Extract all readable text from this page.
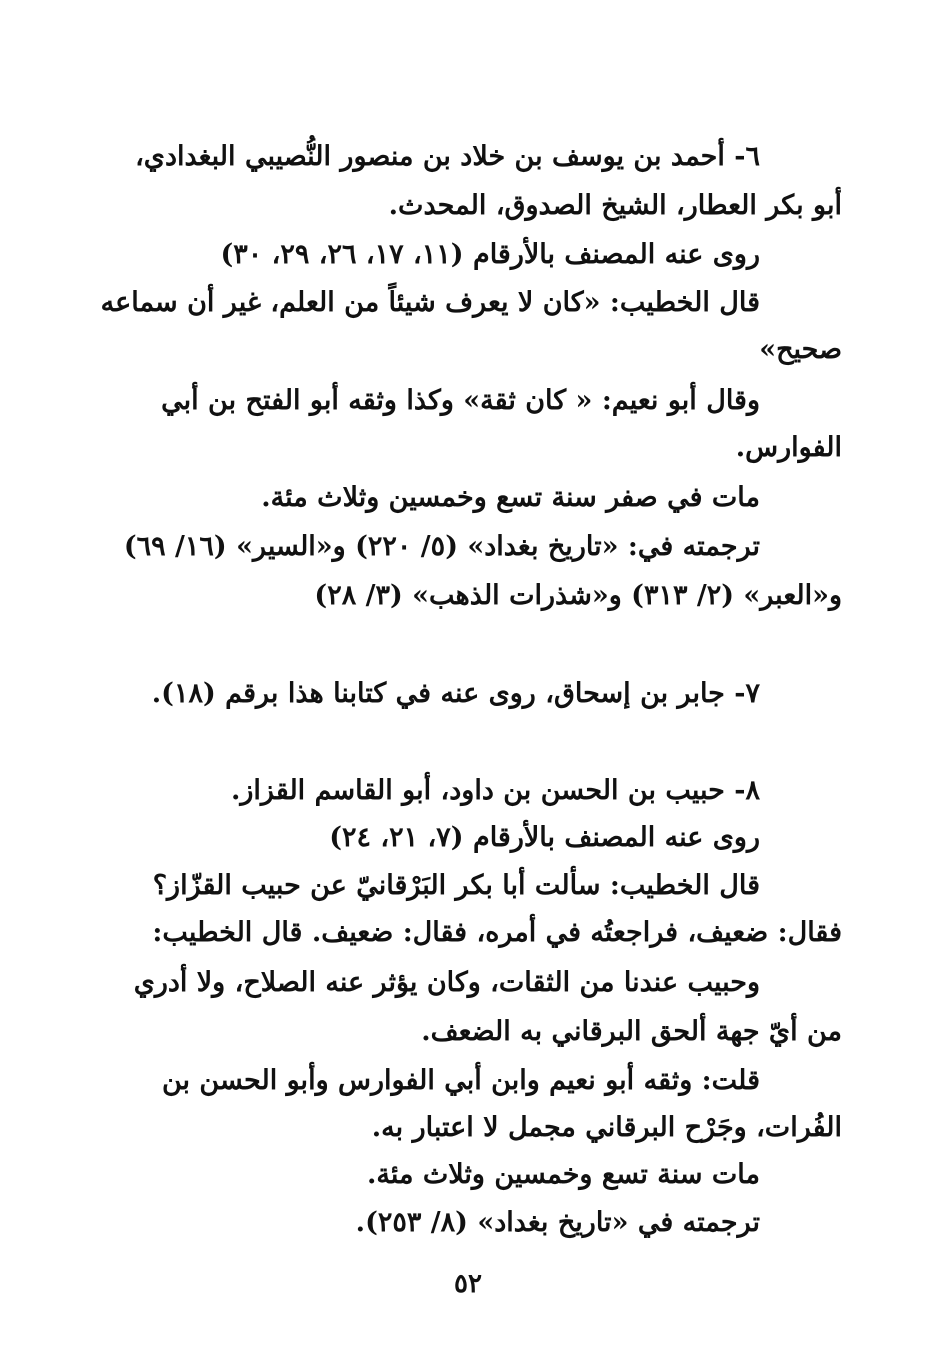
٦- أحمد بن يوسف بن خلاد بن منصور النُّصيبي البغدادي،
أبو بكر العطار، الشيخ الصدوق، المحدث.
روى عنه المصنف بالأرقام (١١، ١٧، ٢٦، ٢٩، ٣٠)
قال الخطيب: «كان لا يعرف شيئاً من العلم، غير أن سماعه
صحيح»
وقال أبو نعيم: « كان ثقة» وكذا وثقه أبو الفتح بن أبي
الفوارس.
مات في صفر سنة تسع وخمسين وثلاث مئة.
ترجمته في: «تاريخ بغداد» (٥/ ٢٢٠) و«السير» (١٦/ ٦٩)
و«العبر» (٢/ ٣١٣) و«شذرات الذهب» (٣/ ٢٨)
٧- جابر بن إسحاق، روى عنه في كتابنا هذا برقم (١٨).
٨- حبيب بن الحسن بن داود، أبو القاسم القزاز.
روى عنه المصنف بالأرقام (٧، ٢١، ٢٤)
قال الخطيب: سألت أبا بكر البَرْقانيّ عن حبيب القزّاز؟
فقال: ضعيف، فراجعتُه في أمره، فقال: ضعيف. قال الخطيب:
وحبيب عندنا من الثقات، وكان يؤثر عنه الصلاح، ولا أدري
من أيّ جهة ألحق البرقاني به الضعف.
قلت: وثقه أبو نعيم وابن أبي الفوارس وأبو الحسن بن
الفُرات، وجَرْح البرقاني مجمل لا اعتبار به.
مات سنة تسع وخمسين وثلاث مئة.
ترجمته في «تاريخ بغداد» (٨/ ٢٥٣).
٥٢
